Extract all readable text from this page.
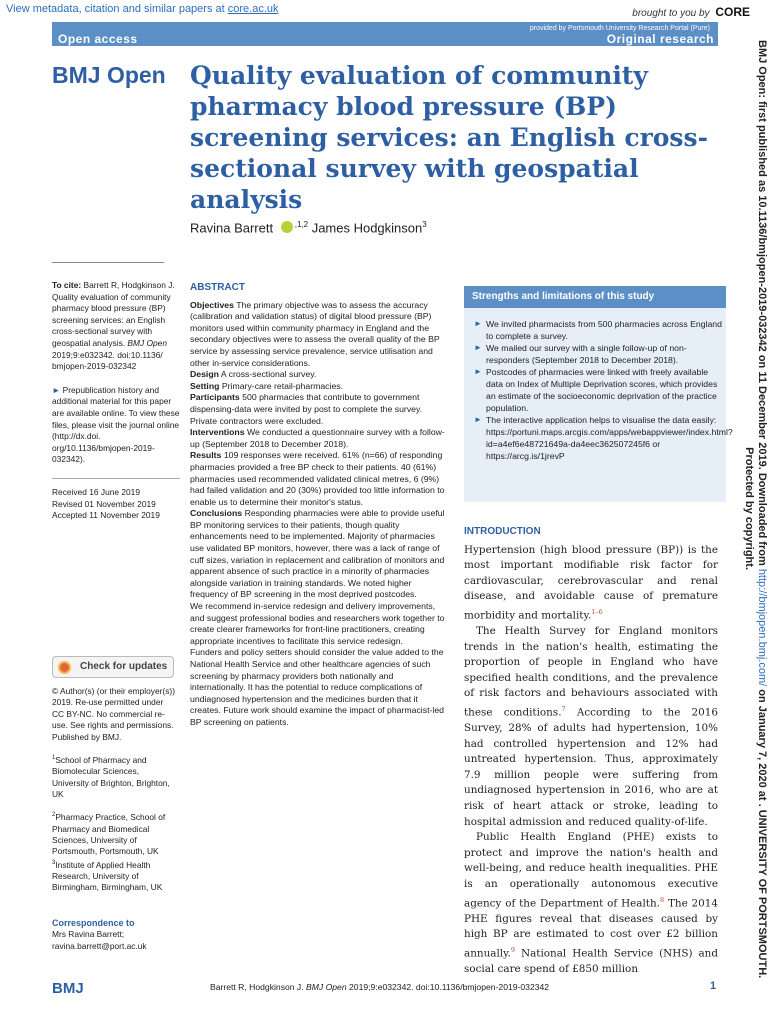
View metadata, citation and similar papers at core.ac.uk	brought to you by CORE
provided by Portsmouth University Research Portal (Pure)
Open access	Original research
BMJ Open Quality evaluation of community pharmacy blood pressure (BP) screening services: an English cross-sectional survey with geospatial analysis
Ravina Barrett	$^{,1,2}$ James Hodgkinson$^3$
To cite: Barrett R, Hodgkinson J. Quality evaluation of community pharmacy blood pressure (BP) screening services: an English cross-sectional survey with geospatial analysis. BMJ Open 2019;9:e032342. doi:10.1136/ bmjopen-2019-032342
► Prepublication history and additional material for this paper are available online. To view these files, please visit the journal online (http://dx.doi. org/10.1136/bmjopen-2019- 032342).
Received 16 June 2019
Revised 01 November 2019
Accepted 11 November 2019
Check for updates
© Author(s) (or their employer(s)) 2019. Re-use permitted under CC BY-NC. No commercial re-use. See rights and permissions. Published by BMJ.
$^1$School of Pharmacy and Biomolecular Sciences, University of Brighton, Brighton, UK
$^2$Pharmacy Practice, School of Pharmacy and Biomedical Sciences, University of Portsmouth, Portsmouth, UK
$^3$Institute of Applied Health Research, University of Birmingham, Birmingham, UK
Correspondence to
Mrs Ravina Barrett;
ravina.barrett@port.ac.uk
ABSTRACT
Objectives The primary objective was to assess the accuracy (calibration and validation status) of digital blood pressure (BP) monitors used within community pharmacy in England and the secondary objectives were to assess the overall quality of the BP service by assessing service prevalence, service utilisation and other in-service considerations.
Design A cross-sectional survey.
Setting Primary-care retail-pharmacies.
Participants 500 pharmacies that contribute to government dispensing-data were invited by post to complete the survey. Private contractors were excluded.
Interventions We conducted a questionnaire survey with a follow-up (September 2018 to December 2018).
Results 109 responses were received. 61% (n=66) of responding pharmacies provided a free BP check to their patients. 40 (61%) pharmacies used recommended validated clinical metres, 6 (9%) had failed validation and 20 (30%) provided too little information to enable us to determine their monitor's status.
Conclusions Responding pharmacies were able to provide useful BP monitoring services to their patients, though quality enhancements need to be implemented. Majority of pharmacies use validated BP monitors, however, there was a lack of range of cuff sizes, variation in replacement and calibration of monitors and apparent absence of such practice in a minority of pharmacies alongside variation in training standards. We noted higher frequency of BP screening in the most deprived postcodes.
We recommend in-service redesign and delivery improvements, and suggest professional bodies and researchers work together to create clearer frameworks for front-line practitioners, creating appropriate incentives to facilitate this service redesign.
Funders and policy setters should consider the value added to the National Health Service and other healthcare agencies of such screening by pharmacy providers both nationally and internationally. It has the potential to reduce complications of undiagnosed hypertension and the medicines burden that it creates. Future work should examine the impact of pharmacist-led BP screening on patients.
Strengths and limitations of this study
► We invited pharmacists from 500 pharmacies across England to complete a survey.
► We mailed our survey with a single follow-up of non-responders (September 2018 to December 2018).
► Postcodes of pharmacies were linked with freely available data on Index of Multiple Deprivation scores, which provides an estimate of the socioeconomic deprivation of the practice population.
► The interactive application helps to visualise the data easily: https://portuni.maps.arcgis.com/apps/webappviewer/index.html?id=a4ef6e48721649a-da4eec362507245f6 or https://arcg.is/1jrevP
INTRODUCTION

Hypertension (high blood pressure (BP)) is the most important modifiable risk factor for cardiovascular, cerebrovascular and renal disease, and avoidable cause of premature morbidity and mortality.$^{1-6}$

The Health Survey for England monitors trends in the nation's health, estimating the proportion of people in England who have specified health conditions, and the prevalence of risk factors and behaviours associated with these conditions.$^7$ According to the 2016 Survey, 28% of adults had hypertension, 10% had controlled hypertension and 12% had untreated hypertension. Thus, approximately 7.9 million people were suffering from undiagnosed hypertension in 2016, who are at risk of heart attack or stroke, leading to hospital admission and reduced quality-of-life.

Public Health England (PHE) exists to protect and improve the nation's health and well-being, and reduce health inequalities. PHE is an operationally autonomous executive agency of the Department of Health.$^8$ The 2014 PHE figures reveal that diseases caused by high BP are estimated to cost over £2 billion annually.$^9$ National Health Service (NHS) and social care spend of £850 million

BMJ Open: first published as 10.1136/bmjopen-2019-032342 on 11 December 2019. Downloaded from http://bmjopen.bmj.com/ on January 7, 2020 at . UNIVERSITY OF PORTSMOUTH.
Protected by copyright.
BMJ	Barrett R, Hodgkinson J. BMJ Open 2019;9:e032342. doi:10.1136/bmjopen-2019-032342	1
